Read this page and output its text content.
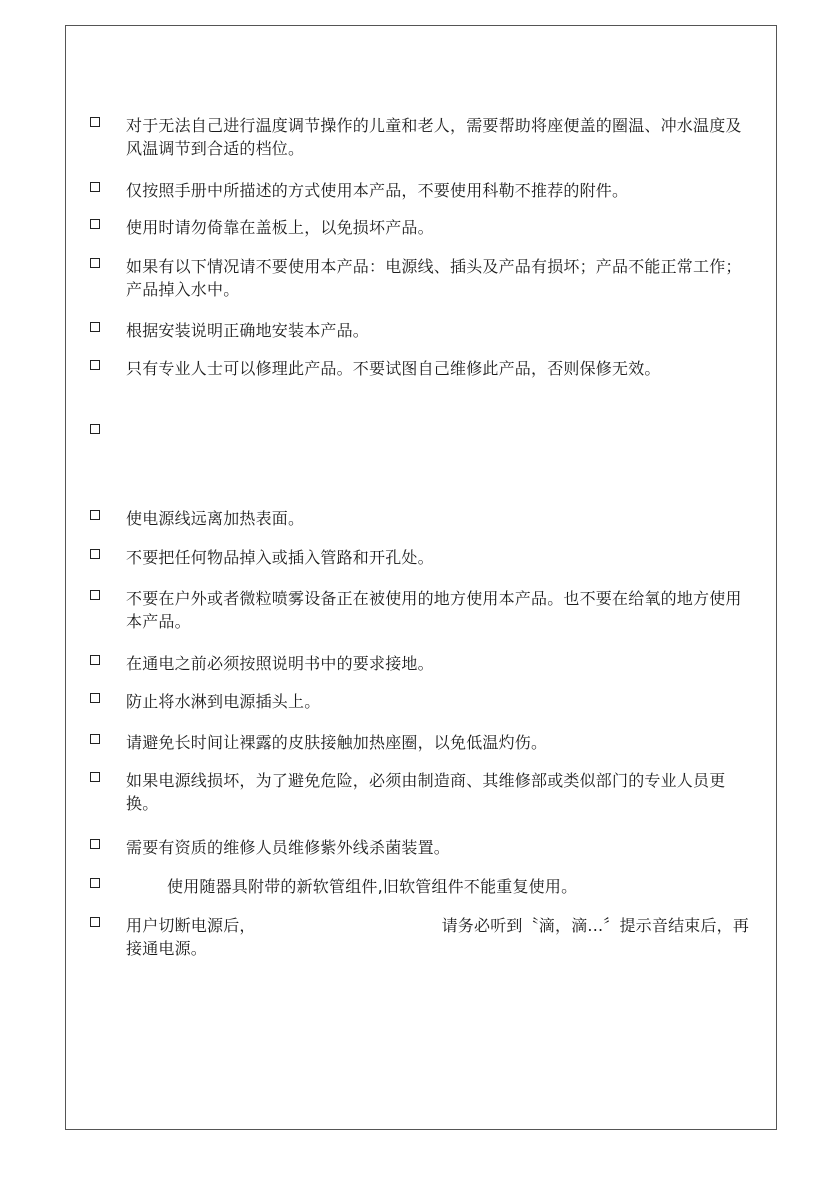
对于无法自己进行温度调节操作的儿童和老人，需要帮助将座便盖的圈温、冲水温度及风温调节到合适的档位。
仅按照手册中所描述的方式使用本产品，不要使用科勒不推荐的附件。
使用时请勿倚靠在盖板上，以免损坏产品。
如果有以下情况请不要使用本产品：电源线、插头及产品有损坏；产品不能正常工作；产品掉入水中。
根据安装说明正确地安装本产品。
只有专业人士可以修理此产品。不要试图自己维修此产品，否则保修无效。
使电源线远离加热表面。
不要把任何物品掉入或插入管路和开孔处。
不要在户外或者微粒喷雾设备正在被使用的地方使用本产品。也不要在给氧的地方使用本产品。
在通电之前必须按照说明书中的要求接地。
防止将水淋到电源插头上。
请避免长时间让裸露的皮肤接触加热座圈，以免低温灼伤。
如果电源线损坏，为了避免危险，必须由制造商、其维修部或类似部门的专业人员更换。
需要有资质的维修人员维修紫外线杀菌装置。
使用随器具附带的新软管组件,旧软管组件不能重复使用。
用户切断电源后，	请务必听到〝滴，滴...〞提示音结束后，再接通电源。
